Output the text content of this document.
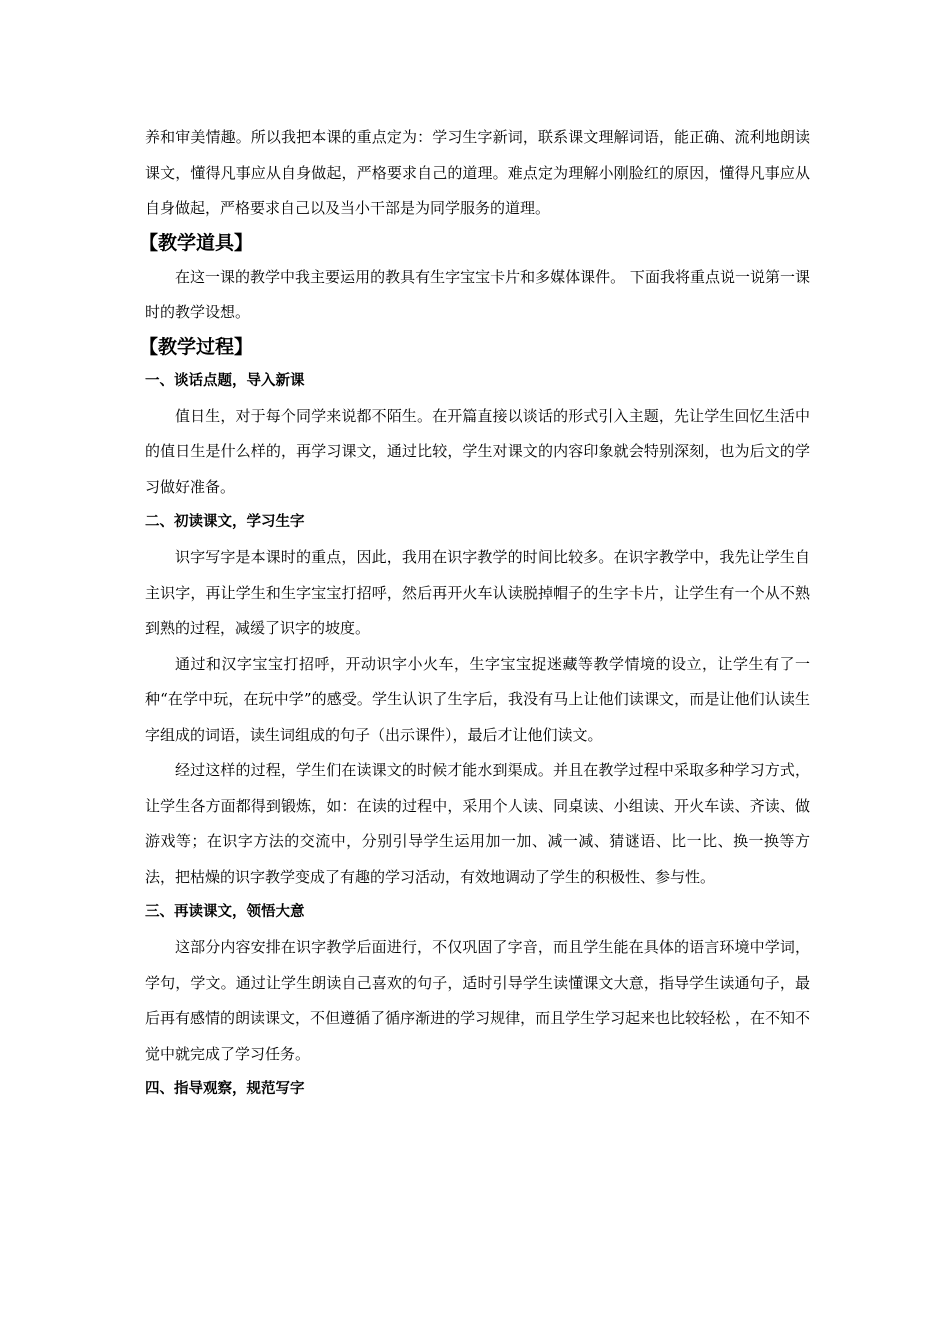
养和审美情趣。所以我把本课的重点定为：学习生字新词，联系课文理解词语，能正确、流利地朗读课文，懂得凡事应从自身做起，严格要求自己的道理。难点定为理解小刚脸红的原因，懂得凡事应从自身做起，严格要求自己以及当小干部是为同学服务的道理。

【教学道具】

在这一课的教学中我主要运用的教具有生字宝宝卡片和多媒体课件。 下面我将重点说一说第一课时的教学设想。

【教学过程】
一、谈话点题，导入新课

值日生，对于每个同学来说都不陌生。在开篇直接以谈话的形式引入主题，先让学生回忆生活中的值日生是什么样的，再学习课文，通过比较，学生对课文的内容印象就会特别深刻，也为后文的学习做好准备。

二、初读课文，学习生字

识字写字是本课时的重点，因此，我用在识字教学的时间比较多。在识字教学中，我先让学生自主识字，再让学生和生字宝宝打招呼，然后再开火车认读脱掉帽子的生字卡片，让学生有一个从不熟到熟的过程，减缓了识字的坡度。

通过和汉字宝宝打招呼，开动识字小火车，生字宝宝捉迷藏等教学情境的设立，让学生有了一种“在学中玩，在玩中学”的感受。学生认识了生字后，我没有马上让他们读课文，而是让他们认读生字组成的词语，读生词组成的句子（出示课件），最后才让他们读文。

经过这样的过程，学生们在读课文的时候才能水到渠成。并且在教学过程中采取多种学习方式，让学生各方面都得到锻炼，如：在读的过程中，采用个人读、同桌读、小组读、开火车读、齐读、做游戏等；在识字方法的交流中，分别引导学生运用加一加、减一减、猜谜语、比一比、换一换等方法，把枯燥的识字教学变成了有趣的学习活动，有效地调动了学生的积极性、参与性。

三、再读课文，领悟大意

这部分内容安排在识字教学后面进行，不仅巩固了字音，而且学生能在具体的语言环境中学词，学句，学文。通过让学生朗读自己喜欢的句子，适时引导学生读懂课文大意，指导学生读通句子，最后再有感情的朗读课文，不但遵循了循序渐进的学习规律，而且学生学习起来也比较轻松 ，在不知不觉中就完成了学习任务。

四、指导观察，规范写字
